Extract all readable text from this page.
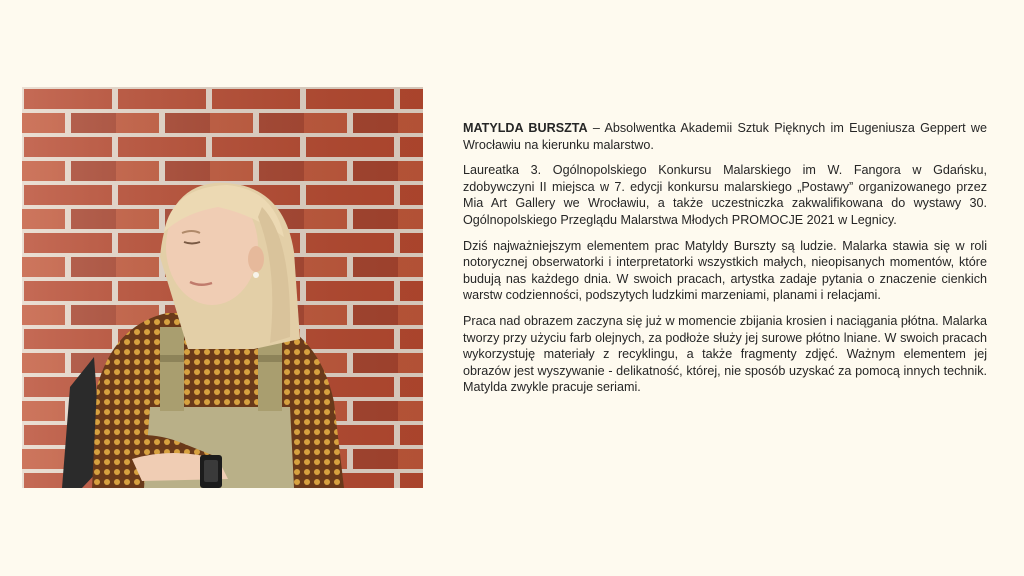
MATYLDA BURSZTA – Absolwentka Akademii Sztuk Pięknych im Eugeniusza Geppert we Wrocławiu na kierunku malarstwo.

Laureatka 3. Ogólnopolskiego Konkursu Malarskiego im W. Fangora w Gdańsku, zdobywczyni II miejsca w 7. edycji konkursu malarskiego „Postawy” organizowanego przez Mia Art Gallery we Wrocławiu, a także uczestniczka zakwalifikowana do wystawy 30. Ogólnopolskiego Przeglądu Malarstwa Młodych PROMOCJE 2021 w Legnicy.

Dziś najważniejszym elementem prac Matyldy Burszty są ludzie. Malarka stawia się w roli notorycznej obserwatorki i interpretatorki wszystkich małych, nieopisanych momentów, które budują nas każdego dnia. W swoich pracach, artystka zadaje pytania o znaczenie cienkich warstw codzienności, podszytych ludzkimi marzeniami, planami i relacjami.

Praca nad obrazem zaczyna się już w momencie zbijania krosien i naciągania płótna. Malarka tworzy przy użyciu farb olejnych, za podłoże służy jej surowe płótno lniane. W swoich pracach wykorzystuję materiały z recyklingu, a także fragmenty zdjęć. Ważnym elementem jej obrazów jest wyszywanie - delikatność, której, nie sposób uzyskać za pomocą innych technik. Matylda zwykle pracuje seriami.
